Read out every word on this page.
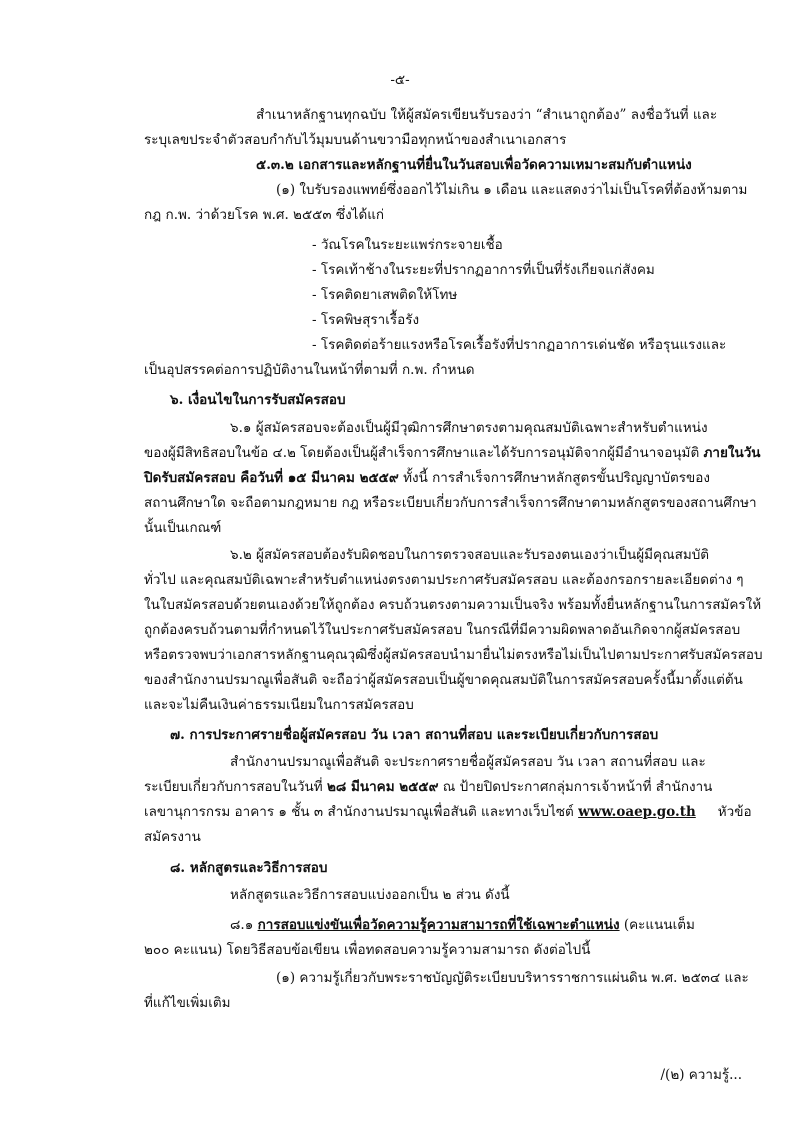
-๕-
สำเนาหลักฐานทุกฉบับ ให้ผู้สมัครเขียนรับรองว่า “สำเนาถูกต้อง” ลงชื่อวันที่ และ
ระบุเลขประจำตัวสอบกำกับไว้มุมบนด้านขวามือทุกหน้าของสำเนาเอกสาร
๕.๓.๒ เอกสารและหลักฐานที่ยื่นในวันสอบเพื่อวัดความเหมาะสมกับตำแหน่ง
(๑) ใบรับรองแพทย์ซึ่งออกไว้ไม่เกิน ๑ เดือน และแสดงว่าไม่เป็นโรคที่ต้องห้ามตาม
กฎ ก.พ. ว่าด้วยโรค พ.ศ. ๒๕๕๓ ซึ่งได้แก่
- วัณโรคในระยะแพร่กระจายเชื้อ
- โรคเท้าช้างในระยะที่ปรากฏอาการที่เป็นที่รังเกียจแก่สังคม
- โรคติดยาเสพติดให้โทษ
- โรคพิษสุราเรื้อรัง
- โรคติดต่อร้ายแรงหรือโรคเรื้อรังที่ปรากฏอาการเด่นชัด หรือรุนแรงและ
เป็นอุปสรรคต่อการปฏิบัติงานในหน้าที่ตามที่ ก.พ. กำหนด
๖. เงื่อนไขในการรับสมัครสอบ
๖.๑ ผู้สมัครสอบจะต้องเป็นผู้มีวุฒิการศึกษาตรงตามคุณสมบัติเฉพาะสำหรับตำแหน่ง
ของผู้มีสิทธิสอบในข้อ ๔.๒ โดยต้องเป็นผู้สำเร็จการศึกษาและได้รับการอนุมัติจากผู้มีอำนาจอนุมัติ ภายในวัน
ปิดรับสมัครสอบ คือวันที่ ๑๕ มีนาคม ๒๕๕๙ ทั้งนี้ การสำเร็จการศึกษาหลักสูตรขั้นปริญญาบัตรของ
สถานศึกษาใด จะถือตามกฎหมาย กฎ หรือระเบียบเกี่ยวกับการสำเร็จการศึกษาตามหลักสูตรของสถานศึกษา
นั้นเป็นเกณฑ์
๖.๒ ผู้สมัครสอบต้องรับผิดชอบในการตรวจสอบและรับรองตนเองว่าเป็นผู้มีคุณสมบัติ
ทั่วไป และคุณสมบัติเฉพาะสำหรับตำแหน่งตรงตามประกาศรับสมัครสอบ และต้องกรอกรายละเอียดต่าง ๆ
ในใบสมัครสอบด้วยตนเองด้วยให้ถูกต้อง ครบถ้วนตรงตามความเป็นจริง พร้อมทั้งยื่นหลักฐานในการสมัครให้
ถูกต้องครบถ้วนตามที่กำหนดไว้ในประกาศรับสมัครสอบ ในกรณีที่มีความผิดพลาดอันเกิดจากผู้สมัครสอบ
หรือตรวจพบว่าเอกสารหลักฐานคุณวุฒิซึ่งผู้สมัครสอบนำมายื่นไม่ตรงหรือไม่เป็นไปตามประกาศรับสมัครสอบ
ของสำนักงานปรมาณูเพื่อสันติ จะถือว่าผู้สมัครสอบเป็นผู้ขาดคุณสมบัติในการสมัครสอบครั้งนี้มาตั้งแต่ต้น
และจะไม่คืนเงินค่าธรรมเนียมในการสมัครสอบ
๗. การประกาศรายชื่อผู้สมัครสอบ วัน เวลา สถานที่สอบ และระเบียบเกี่ยวกับการสอบ
สำนักงานปรมาณูเพื่อสันติ จะประกาศรายชื่อผู้สมัครสอบ วัน เวลา สถานที่สอบ และ
ระเบียบเกี่ยวกับการสอบในวันที่ ๒๘ มีนาคม ๒๕๕๙ ณ ป้ายปิดประกาศกลุ่มการเจ้าหน้าที่ สำนักงาน
เลขานุการกรม อาคาร ๑ ชั้น ๓ สำนักงานปรมาณูเพื่อสันติ และทางเว็บไซต์ www.oaep.go.th หัวข้อ
สมัครงาน
๘. หลักสูตรและวิธีการสอบ
หลักสูตรและวิธีการสอบแบ่งออกเป็น ๒ ส่วน ดังนี้
๘.๑ การสอบแข่งขันเพื่อวัดความรู้ความสามารถที่ใช้เฉพาะตำแหน่ง (คะแนนเต็ม
๒๐๐ คะแนน) โดยวิธีสอบข้อเขียน เพื่อทดสอบความรู้ความสามารถ ดังต่อไปนี้
(๑) ความรู้เกี่ยวกับพระราชบัญญัติระเบียบบริหารราชการแผ่นดิน พ.ศ. ๒๕๓๔ และ
ที่แก้ไขเพิ่มเติม
/(๒) ความรู้...
